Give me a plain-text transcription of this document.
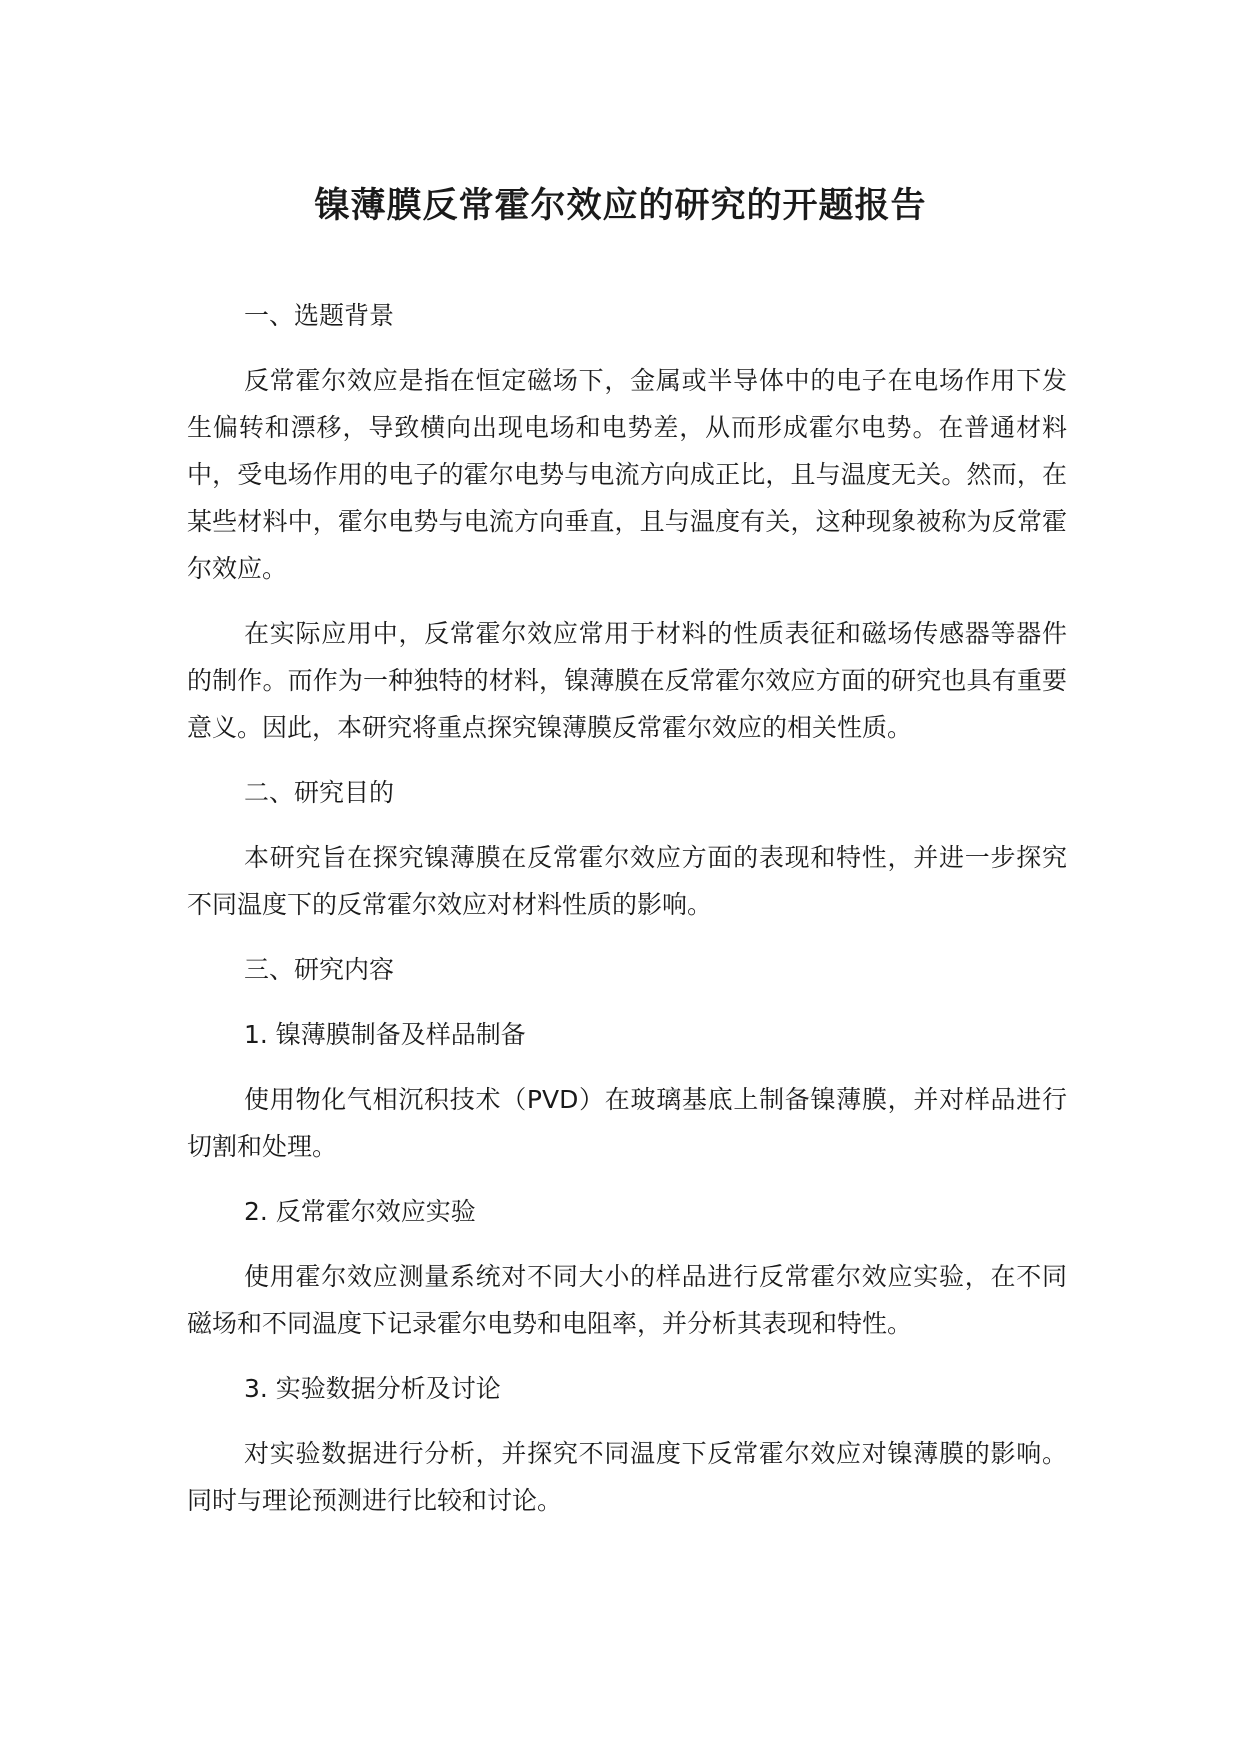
镍薄膜反常霍尔效应的研究的开题报告
一、选题背景

反常霍尔效应是指在恒定磁场下，金属或半导体中的电子在电场作用下发生偏转和漂移，导致横向出现电场和电势差，从而形成霍尔电势。在普通材料中，受电场作用的电子的霍尔电势与电流方向成正比，且与温度无关。然而，在某些材料中，霍尔电势与电流方向垂直，且与温度有关，这种现象被称为反常霍尔效应。

在实际应用中，反常霍尔效应常用于材料的性质表征和磁场传感器等器件的制作。而作为一种独特的材料，镍薄膜在反常霍尔效应方面的研究也具有重要意义。因此，本研究将重点探究镍薄膜反常霍尔效应的相关性质。

二、研究目的

本研究旨在探究镍薄膜在反常霍尔效应方面的表现和特性，并进一步探究不同温度下的反常霍尔效应对材料性质的影响。

三、研究内容
1. 镍薄膜制备及样品制备

使用物化气相沉积技术（PVD）在玻璃基底上制备镍薄膜，并对样品进行切割和处理。

2. 反常霍尔效应实验

使用霍尔效应测量系统对不同大小的样品进行反常霍尔效应实验，在不同磁场和不同温度下记录霍尔电势和电阻率，并分析其表现和特性。

3. 实验数据分析及讨论

对实验数据进行分析，并探究不同温度下反常霍尔效应对镍薄膜的影响。同时与理论预测进行比较和讨论。
